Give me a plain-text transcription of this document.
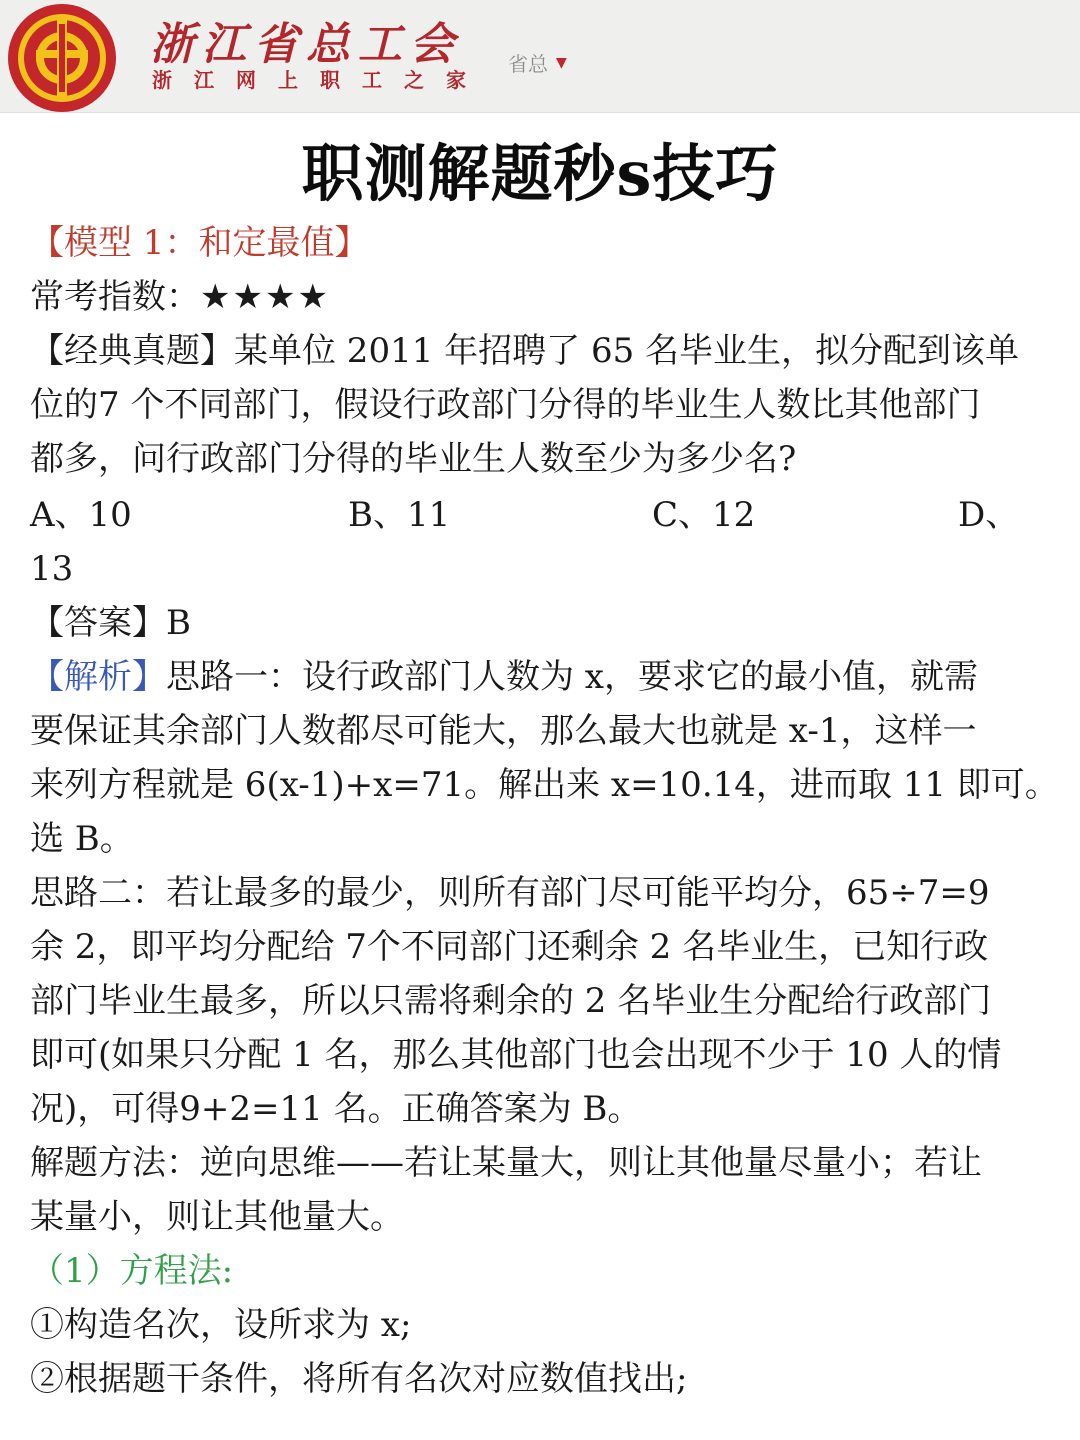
浙江省总工会
浙江网上职工之家
省总 ▼
职测解题秒s技巧
【模型 1：和定最值】
常考指数：★★★★
【经典真题】某单位 2011 年招聘了 65 名毕业生，拟分配到该单
位的7 个不同部门，假设行政部门分得的毕业生人数比其他部门
都多，问行政部门分得的毕业生人数至少为多少名?
A、10	B、11	C、12	D、
13
【答案】B
【解析】思路一：设行政部门人数为 x，要求它的最小值，就需
要保证其余部门人数都尽可能大，那么最大也就是 x-1，这样一
来列方程就是 6(x-1)+x=71。解出来 x=10.14，进而取 11 即可。
选 B。
思路二：若让最多的最少，则所有部门尽可能平均分，65÷7=9
余 2，即平均分配给 7个不同部门还剩余 2 名毕业生，已知行政
部门毕业生最多，所以只需将剩余的 2 名毕业生分配给行政部门
即可(如果只分配 1 名，那么其他部门也会出现不少于 10 人的情
况)，可得9+2=11 名。正确答案为 B。
解题方法：逆向思维——若让某量大，则让其他量尽量小；若让
某量小，则让其他量大。
（1）方程法:
①构造名次，设所求为 x;
②根据题干条件，将所有名次对应数值找出;
